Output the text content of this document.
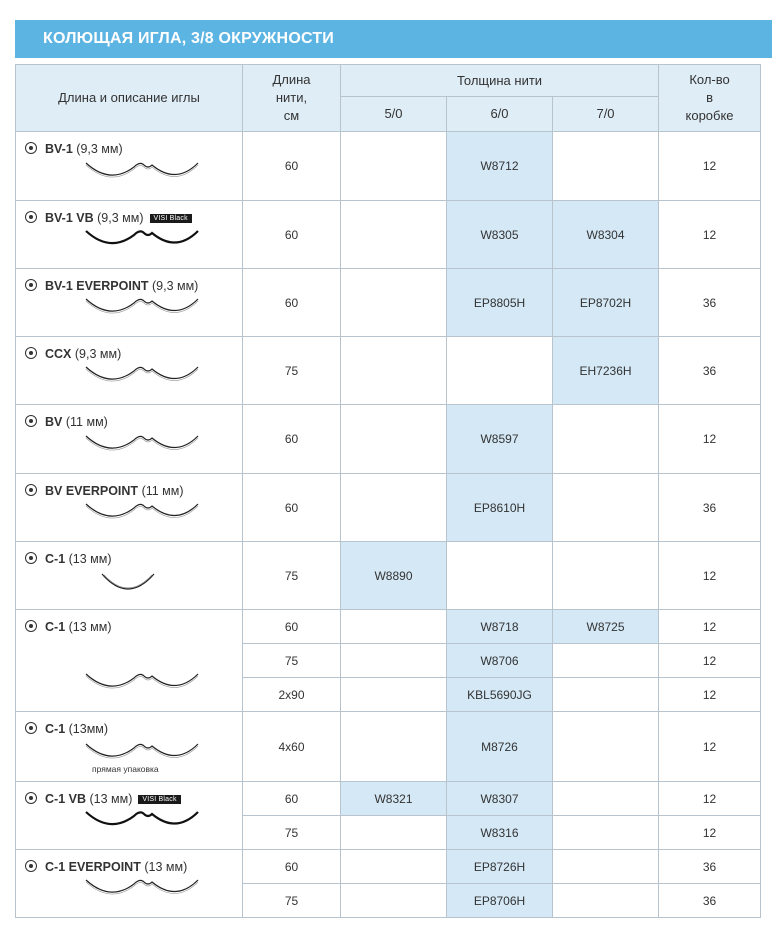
КОЛЮЩАЯ ИГЛА, 3/8 ОКРУЖНОСТИ
Длина и описание иглы	Длина
нити,
см	Толщина нити			Кол-во
в
коробке
		5/0	6/0	7/0	

BV-1 (9,3 мм)	60		W8712		12

BV-1 VB (9,3 мм) VISI Black	60		W8305	W8304	12

BV-1 EVERPOINT (9,3 мм)	60		EP8805H	EP8702H	36

CCX (9,3 мм)	75			EH7236H	36

BV (11 мм)	60		W8597		12

BV EVERPOINT (11 мм)	60		EP8610H		36

C-1 (13 мм)	75	W8890			12

C-1 (13 мм)	60		W8718	W8725	12
	75		W8706		12
	2x90		KBL5690JG		12

C-1 (13мм)
прямая упаковка	4x60		M8726		12

C-1 VB (13 мм) VISI Black	60	W8321	W8307		12
	75		W8316		12

C-1 EVERPOINT (13 мм)	60		EP8726H		36
	75		EP8706H		36
